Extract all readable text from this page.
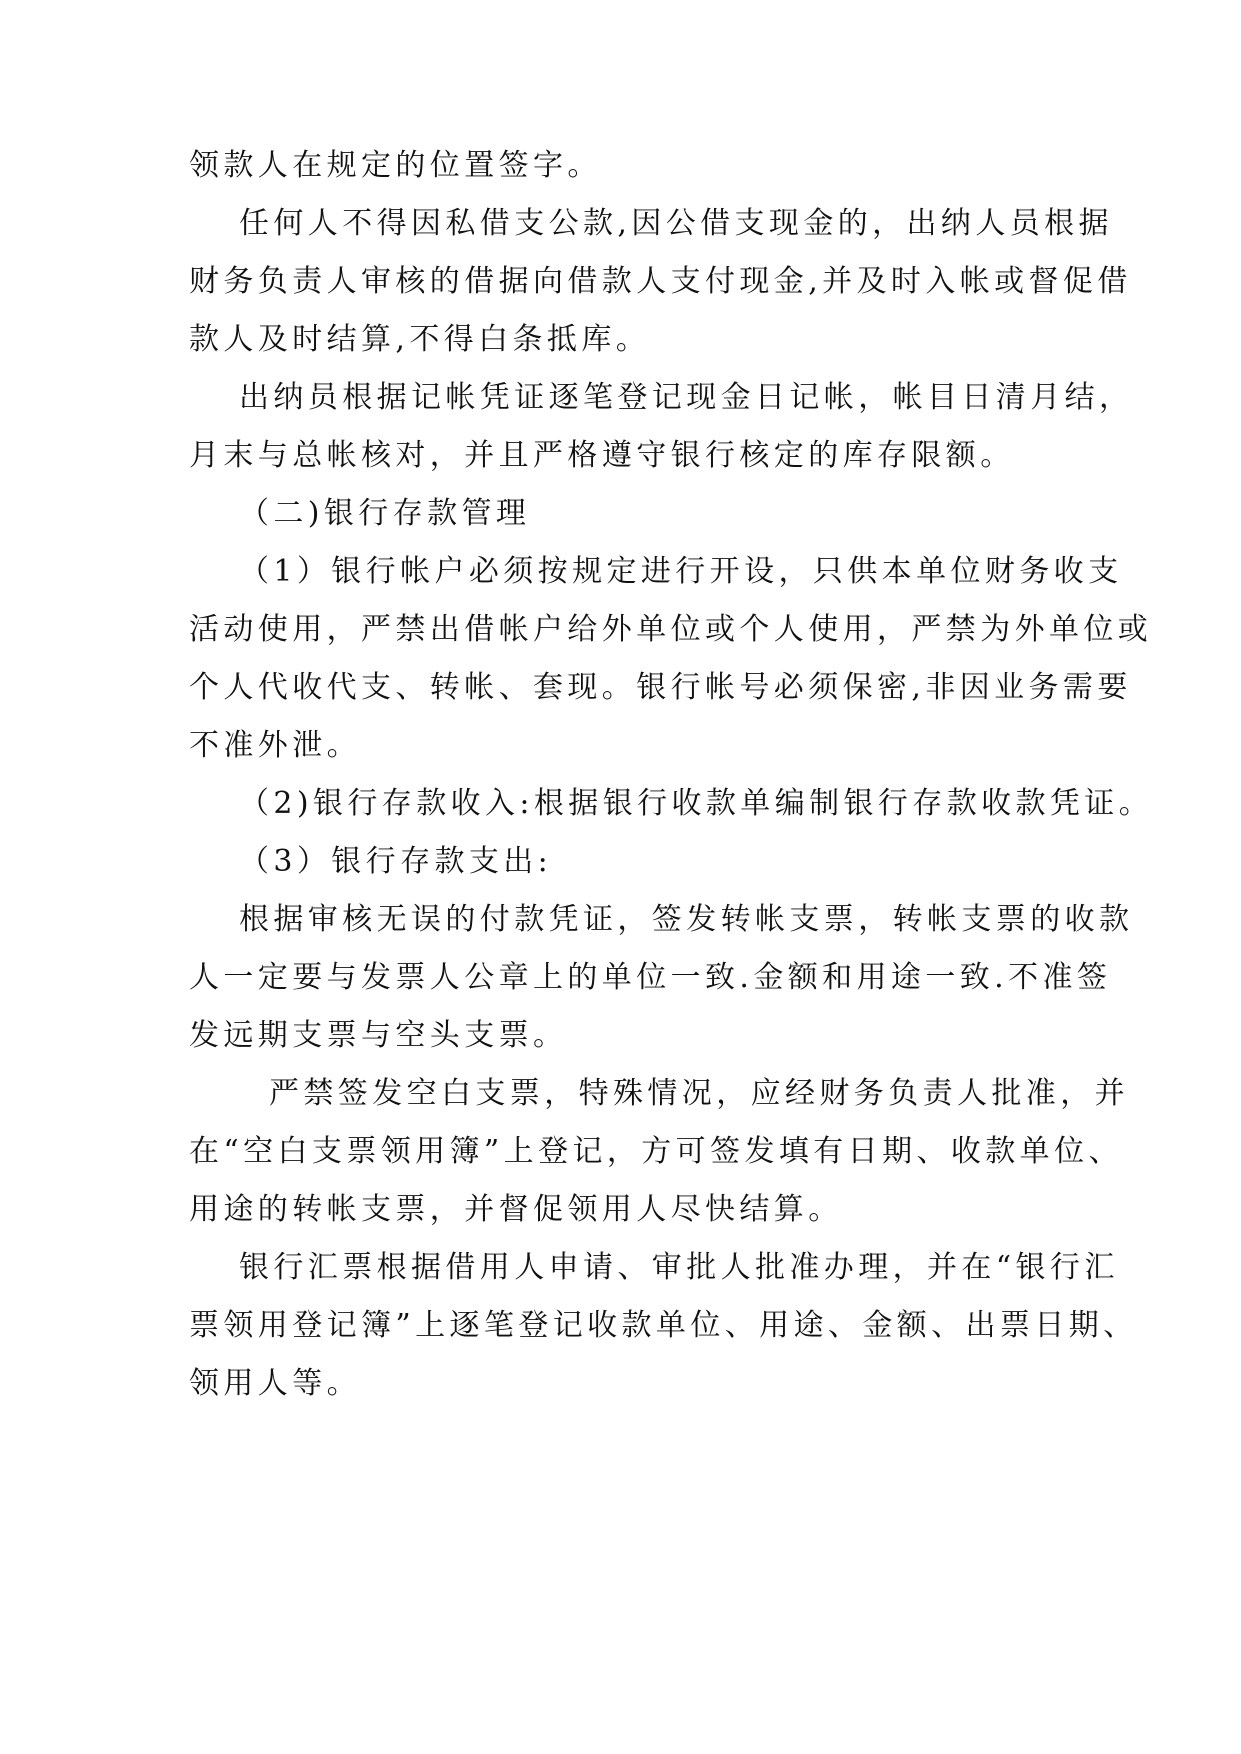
领款人在规定的位置签字。
任何人不得因私借支公款,因公借支现金的，出纳人员根据
财务负责人审核的借据向借款人支付现金,并及时入帐或督促借
款人及时结算,不得白条抵库。
出纳员根据记帐凭证逐笔登记现金日记帐，帐目日清月结，
月末与总帐核对，并且严格遵守银行核定的库存限额。
（二)银行存款管理
（1）银行帐户必须按规定进行开设，只供本单位财务收支
活动使用，严禁出借帐户给外单位或个人使用，严禁为外单位或
个人代收代支、转帐、套现。银行帐号必须保密,非因业务需要
不准外泄。
（2)银行存款收入:根据银行收款单编制银行存款收款凭证。
（3）银行存款支出:
根据审核无误的付款凭证，签发转帐支票，转帐支票的收款
人一定要与发票人公章上的单位一致.金额和用途一致.不准签
发远期支票与空头支票。
严禁签发空白支票，特殊情况，应经财务负责人批准，并
在“空白支票领用簿”上登记，方可签发填有日期、收款单位、
用途的转帐支票，并督促领用人尽快结算。
银行汇票根据借用人申请、审批人批准办理，并在“银行汇
票领用登记簿”上逐笔登记收款单位、用途、金额、出票日期、
领用人等。
